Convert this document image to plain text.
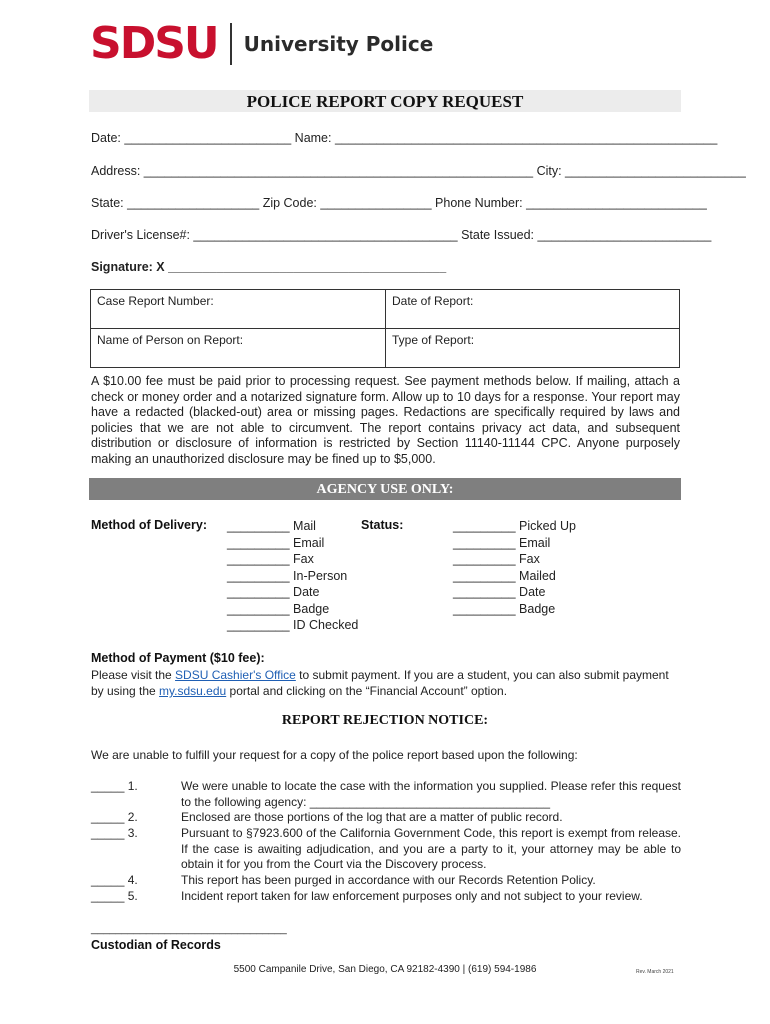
SDSU University Police
POLICE REPORT COPY REQUEST
Date: ________________________ Name: _______________________________________________________
Address: ________________________________________________________ City: __________________________
State: ___________________ Zip Code: ________________ Phone Number: __________________________
Driver's License#: ______________________________________ State Issued: _________________________
Signature: X ________________________________________
Case Report Number:	Date of Report:
Name of Person on Report:	Type of Report:
A $10.00 fee must be paid prior to processing request. See payment methods below. If mailing, attach a check or money order and a notarized signature form. Allow up to 10 days for a response. Your report may have a redacted (blacked-out) area or missing pages. Redactions are specifically required by laws and policies that we are not able to circumvent. The report contains privacy act data, and subsequent distribution or disclosure of information is restricted by Section 11140-11144 CPC. Anyone purposely making an unauthorized disclosure may be fined up to $5,000.
AGENCY USE ONLY:
Method of Delivery:	Status:
_________ Mail
_________ Email
_________ Fax
_________ In-Person
_________ Date
_________ Badge
_________ ID Checked
_________ Picked Up
_________ Email
_________ Fax
_________ Mailed
_________ Date
_________ Badge
Method of Payment ($10 fee):
Please visit the SDSU Cashier's Office to submit payment. If you are a student, you can also submit payment by using the my.sdsu.edu portal and clicking on the “Financial Account” option.
REPORT REJECTION NOTICE:
We are unable to fulfill your request for a copy of the police report based upon the following:
_____ 1.	We were unable to locate the case with the information you supplied. Please refer this request to the following agency: ____________________________________
_____ 2.	Enclosed are those portions of the log that are a matter of public record.
_____ 3.	Pursuant to §7923.600 of the California Government Code, this report is exempt from release. If the case is awaiting adjudication, and you are a party to it, your attorney may be able to obtain it for you from the Court via the Discovery process.
_____ 4.	This report has been purged in accordance with our Records Retention Policy.
_____ 5.	Incident report taken for law enforcement purposes only and not subject to your review.
________________________________
Custodian of Records
5500 Campanile Drive, San Diego, CA 92182-4390 | (619) 594-1986	Rev. March 2021
